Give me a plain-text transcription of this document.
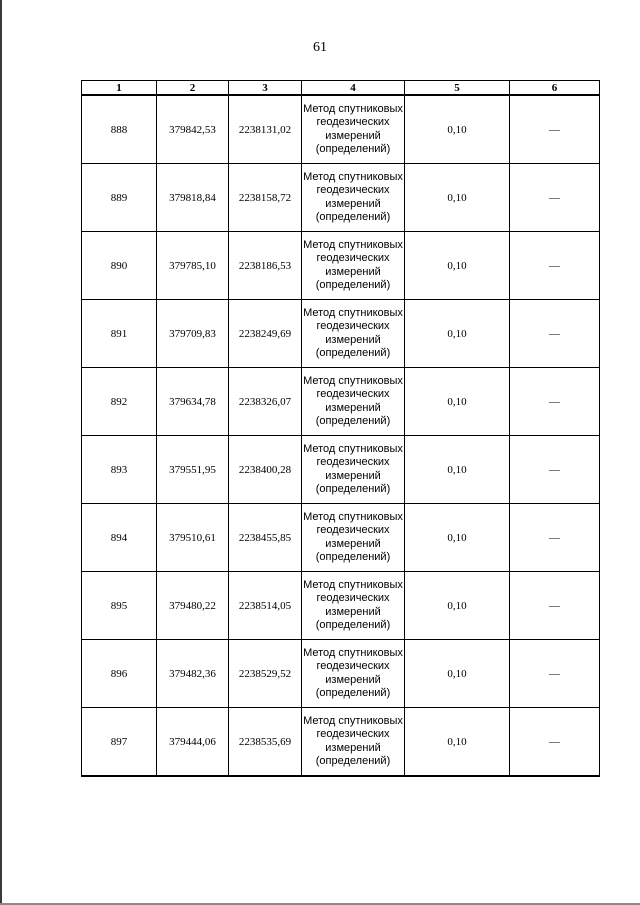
61
1	2	3	4	5	6
888	379842,53	2238131,02	Метод спутниковых геодезических измерений (определений)	0,10	—
889	379818,84	2238158,72	Метод спутниковых геодезических измерений (определений)	0,10	—
890	379785,10	2238186,53	Метод спутниковых геодезических измерений (определений)	0,10	—
891	379709,83	2238249,69	Метод спутниковых геодезических измерений (определений)	0,10	—
892	379634,78	2238326,07	Метод спутниковых геодезических измерений (определений)	0,10	—
893	379551,95	2238400,28	Метод спутниковых геодезических измерений (определений)	0,10	—
894	379510,61	2238455,85	Метод спутниковых геодезических измерений (определений)	0,10	—
895	379480,22	2238514,05	Метод спутниковых геодезических измерений (определений)	0,10	—
896	379482,36	2238529,52	Метод спутниковых геодезических измерений (определений)	0,10	—
897	379444,06	2238535,69	Метод спутниковых геодезических измерений (определений)	0,10	—
